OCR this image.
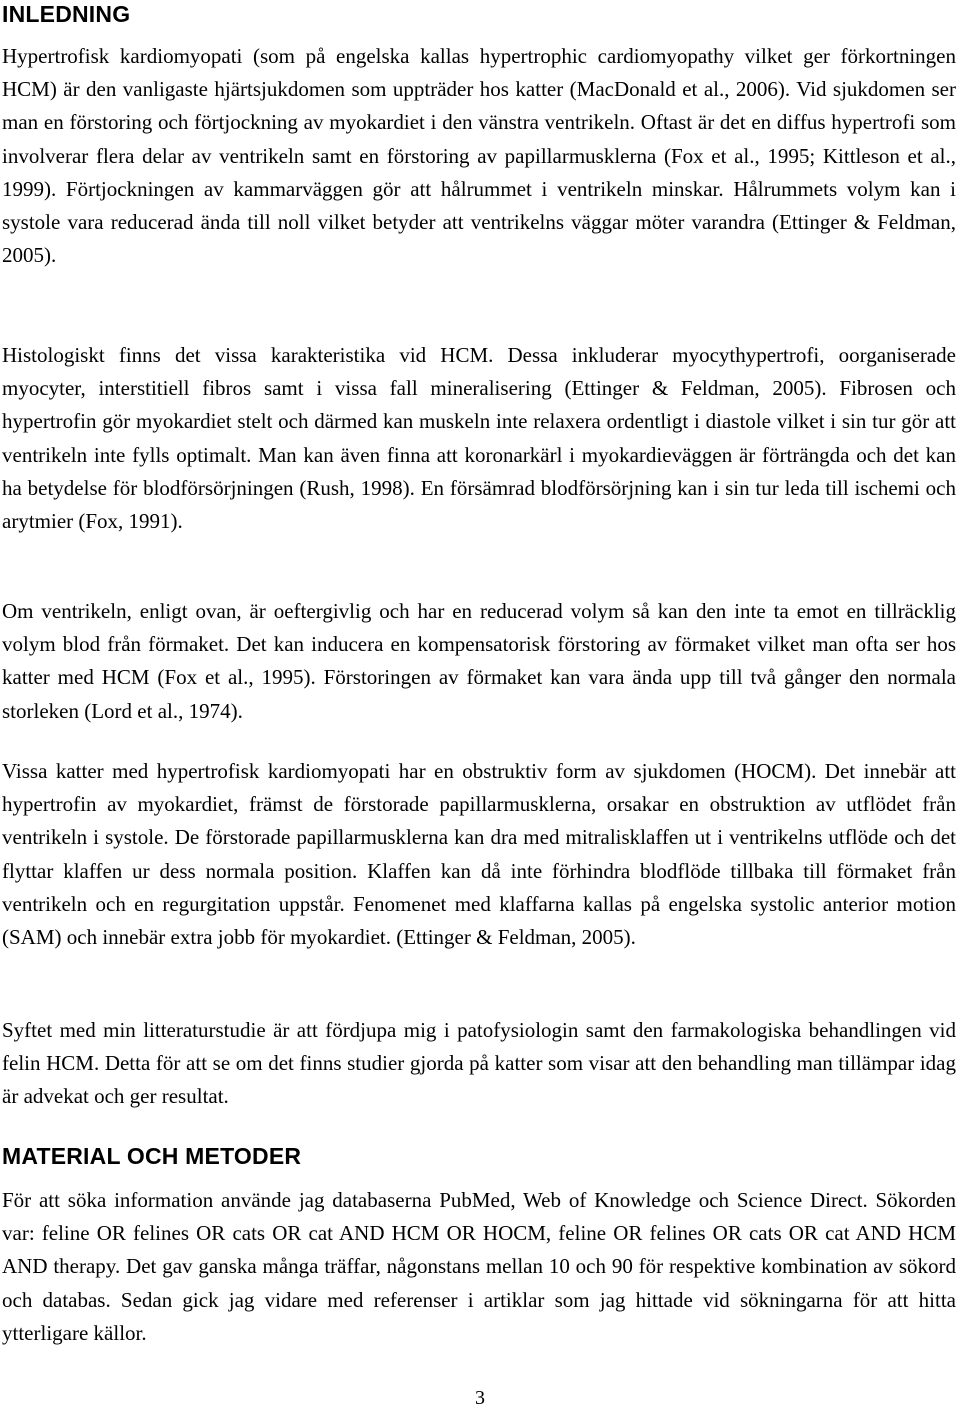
INLEDNING

Hypertrofisk kardiomyopati (som på engelska kallas hypertrophic cardiomyopathy vilket ger förkortningen HCM) är den vanligaste hjärtsjukdomen som uppträder hos katter (MacDonald et al., 2006). Vid sjukdomen ser man en förstoring och förtjockning av myokardiet i den vänstra ventrikeln. Oftast är det en diffus hypertrofi som involverar flera delar av ventrikeln samt en förstoring av papillarmusklerna (Fox et al., 1995; Kittleson et al., 1999). Förtjockningen av kammarväggen gör att hålrummet i ventrikeln minskar. Hålrummets volym kan i systole vara reducerad ända till noll vilket betyder att ventrikelns väggar möter varandra (Ettinger & Feldman, 2005).

Histologiskt finns det vissa karakteristika vid HCM. Dessa inkluderar myocythypertrofi, oorganiserade myocyter, interstitiell fibros samt i vissa fall mineralisering (Ettinger & Feldman, 2005). Fibrosen och hypertrofin gör myokardiet stelt och därmed kan muskeln inte relaxera ordentligt i diastole vilket i sin tur gör att ventrikeln inte fylls optimalt. Man kan även finna att koronarkärl i myokardieväggen är förträngda och det kan ha betydelse för blodförsörjningen (Rush, 1998). En försämrad blodförsörjning kan i sin tur leda till ischemi och arytmier (Fox, 1991).

Om ventrikeln, enligt ovan, är oeftergivlig och har en reducerad volym så kan den inte ta emot en tillräcklig volym blod från förmaket. Det kan inducera en kompensatorisk förstoring av förmaket vilket man ofta ser hos katter med HCM (Fox et al., 1995). Förstoringen av förmaket kan vara ända upp till två gånger den normala storleken (Lord et al., 1974).

Vissa katter med hypertrofisk kardiomyopati har en obstruktiv form av sjukdomen (HOCM). Det innebär att hypertrofin av myokardiet, främst de förstorade papillarmusklerna, orsakar en obstruktion av utflödet från ventrikeln i systole. De förstorade papillarmusklerna kan dra med mitralisklaffen ut i ventrikelns utflöde och det flyttar klaffen ur dess normala position. Klaffen kan då inte förhindra blodflöde tillbaka till förmaket från ventrikeln och en regurgitation uppstår. Fenomenet med klaffarna kallas på engelska systolic anterior motion (SAM) och innebär extra jobb för myokardiet. (Ettinger & Feldman, 2005).

Syftet med min litteraturstudie är att fördjupa mig i patofysiologin samt den farmakologiska behandlingen vid felin HCM. Detta för att se om det finns studier gjorda på katter som visar att den behandling man tillämpar idag är advekat och ger resultat.

MATERIAL OCH METODER

För att söka information använde jag databaserna PubMed, Web of Knowledge och Science Direct. Sökorden var: feline OR felines OR cats OR cat AND HCM OR HOCM, feline OR felines OR cats OR cat AND HCM AND therapy. Det gav ganska många träffar, någonstans mellan 10 och 90 för respektive kombination av sökord och databas. Sedan gick jag vidare med referenser i artiklar som jag hittade vid sökningarna för att hitta ytterligare källor.

3
